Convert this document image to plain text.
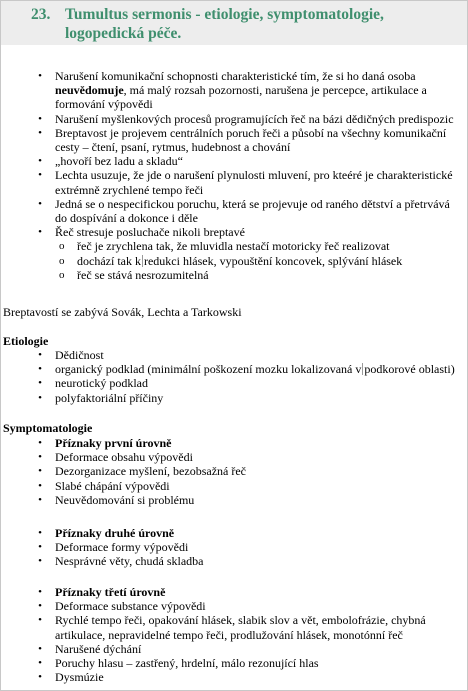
23. Tumultus sermonis - etiologie, symptomatologie,
logopedická péče.
• Narušení komunikační schopnosti charakteristické tím, že si ho daná osoba neuvědomuje, má malý rozsah pozornosti, narušena je percepce, artikulace a formování výpovědi
• Narušení myšlenkových procesů programujících řeč na bázi dědičných predispozic
• Breptavost je projevem centrálních poruch řeči a působí na všechny komunikační cesty – čtení, psaní, rytmus, hudebnost a chování
• „hovoří bez ladu a skladu“
• Lechta usuzuje, že jde o narušení plynulosti mluvení, pro kteéré je charakteristické extrémně zrychlené tempo řeči
• Jedná se o nespecifickou poruchu, která se projevuje od raného dětství a přetrvává do dospívání a dokonce i děle
• Řeč stresuje posluchače nikoli breptavé
o řeč je zrychlena tak, že mluvidla nestačí motoricky řeč realizovat
o dochází tak k redukci hlásek, vypouštění koncovek, splývání hlásek
o řeč se stává nesrozumitelná
Breptavostí se zabývá Sovák, Lechta a Tarkowski
Etiologie
• Dědičnost
• organický podklad (minimální poškození mozku lokalizovaná v podkorové oblasti)
• neurotický podklad
• polyfaktoriální příčiny
Symptomatologie
• Příznaky první úrovně
• Deformace obsahu výpovědi
• Dezorganizace myšlení, bezobsažná řeč
• Slabé chápání výpovědi
• Neuvědomování si problému
• Příznaky druhé úrovně
• Deformace formy výpovědi
• Nesprávné věty, chudá skladba
• Příznaky třetí úrovně
• Deformace substance výpovědi
• Rychlé tempo řeči, opakování hlásek, slabik slov a vět, embolofrázie, chybná artikulace, nepravidelné tempo řeči, prodlužování hlásek, monotónní řeč
• Narušené dýchání
• Poruchy hlasu – zastřený, hrdelní, málo rezonující hlas
• Dysmúzie
